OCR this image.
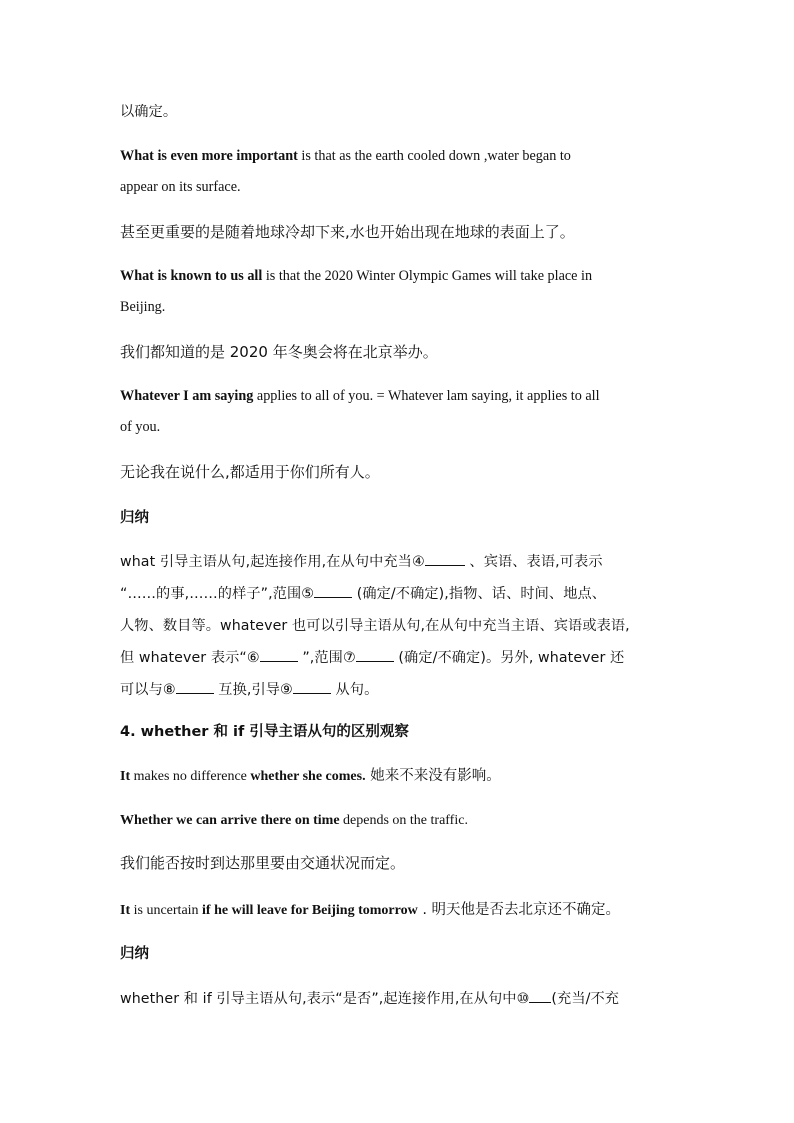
以确定。

What is even more important is that as the earth cooled down ,water began to
appear on its surface.

甚至更重要的是随着地球冷却下来,水也开始出现在地球的表面上了。

What is known to us all is that the 2020 Winter Olympic Games will take place in
Beijing.

我们都知道的是 2020 年冬奥会将在北京举办。

Whatever I am saying applies to all of you. = Whatever lam saying, it applies to all
of you.

无论我在说什么,都适用于你们所有人。

归纳

what 引导主语从句,起连接作用,在从句中充当④	、宾语、表语,可表示
“……的事,……的样子”,范围⑤	(确定/不确定),指物、话、时间、地点、
人物、数目等。whatever 也可以引导主语从句,在从句中充当主语、宾语或表语,
但 whatever 表示“⑥	”,范围⑦	(确定/不确定)。另外, whatever 还
可以与⑧	互换,引导⑨	从句。

4. whether 和 if 引导主语从句的区别观察

It makes no difference whether she comes. 她来不来没有影响。

Whether we can arrive there on time depends on the traffic.

我们能否按时到达那里要由交通状况而定。

It is uncertain if he will leave for Beijing tomorrow . 明天他是否去北京还不确定。

归纳

whether 和 if 引导主语从句,表示“是否”,起连接作用,在从句中⑩ (充当/不充
